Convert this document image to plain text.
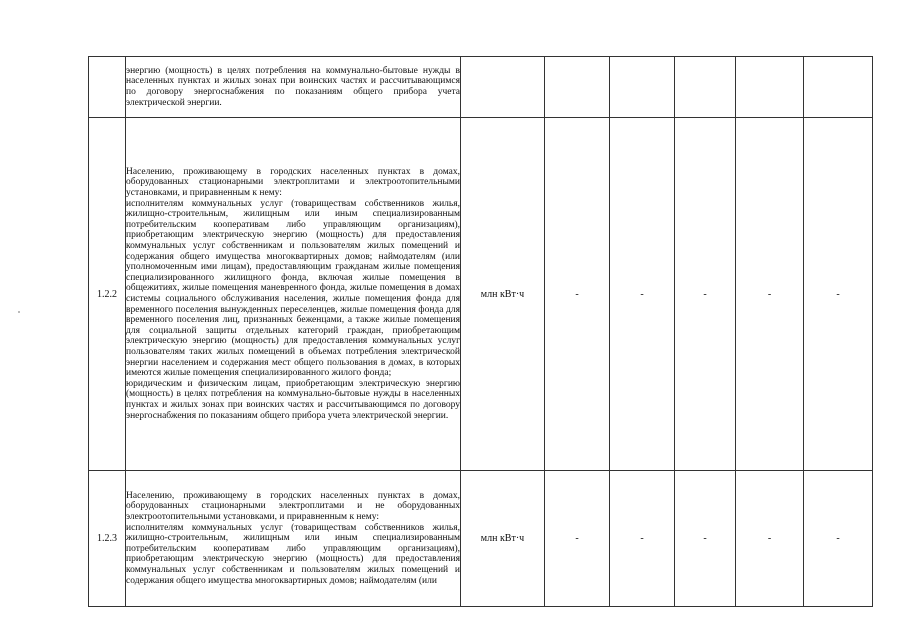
	энергию (мощность) в целях потребления на коммунально-бытовые нужды в населенных пунктах и жилых зонах при воинских частях и рассчитывающимся по договору энергоснабжения по показаниям общего прибора учета электрической энергии.						

1.2.2	Населению, проживающему в городских населенных пунктах в домах, оборудованных стационарными электроплитами и электроотопительными установками, и приравненным к нему:

исполнителям коммунальных услуг (товариществам собственников жилья, жилищно-строительным, жилищным или иным специализированным потребительским кооперативам либо управляющим организациям), приобретающим электрическую энергию (мощность) для предоставления коммунальных услуг собственникам и пользователям жилых помещений и содержания общего имущества многоквартирных домов; наймодателям (или уполномоченным ими лицам), предоставляющим гражданам жилые помещения специализированного жилищного фонда, включая жилые помещения в общежитиях, жилые помещения маневренного фонда, жилые помещения в домах системы социального обслуживания населения, жилые помещения фонда для временного поселения вынужденных переселенцев, жилые помещения фонда для временного поселения лиц, признанных беженцами, а также жилые помещения для социальной защиты отдельных категорий граждан, приобретающим электрическую энергию (мощность) для предоставления коммунальных услуг пользователям таких жилых помещений в объемах потребления электрической энергии населением и содержания мест общего пользования в домах, в которых имеются жилые помещения специализированного жилого фонда;

юридическим и физическим лицам, приобретающим электрическую энергию (мощность) в целях потребления на коммунально-бытовые нужды в населенных пунктах и жилых зонах при воинских частях и рассчитывающимся по договору энергоснабжения по показаниям общего прибора учета электрической энергии.	млн кВт·ч	-	-	-	-	-
1.2.3	Населению, проживающему в городских населенных пунктах в домах, оборудованных стационарными электроплитами и не оборудованных электроотопительными установками, и приравненным к нему:

исполнителям коммунальных услуг (товариществам собственников жилья, жилищно-строительным, жилищным или иным специализированным потребительским кооперативам либо управляющим организациям), приобретающим электрическую энергию (мощность) для предоставления коммунальных услуг собственникам и пользователям жилых помещений и содержания общего имущества многоквартирных домов; наймодателям (или	млн кВт·ч	-	-	-	-	-
